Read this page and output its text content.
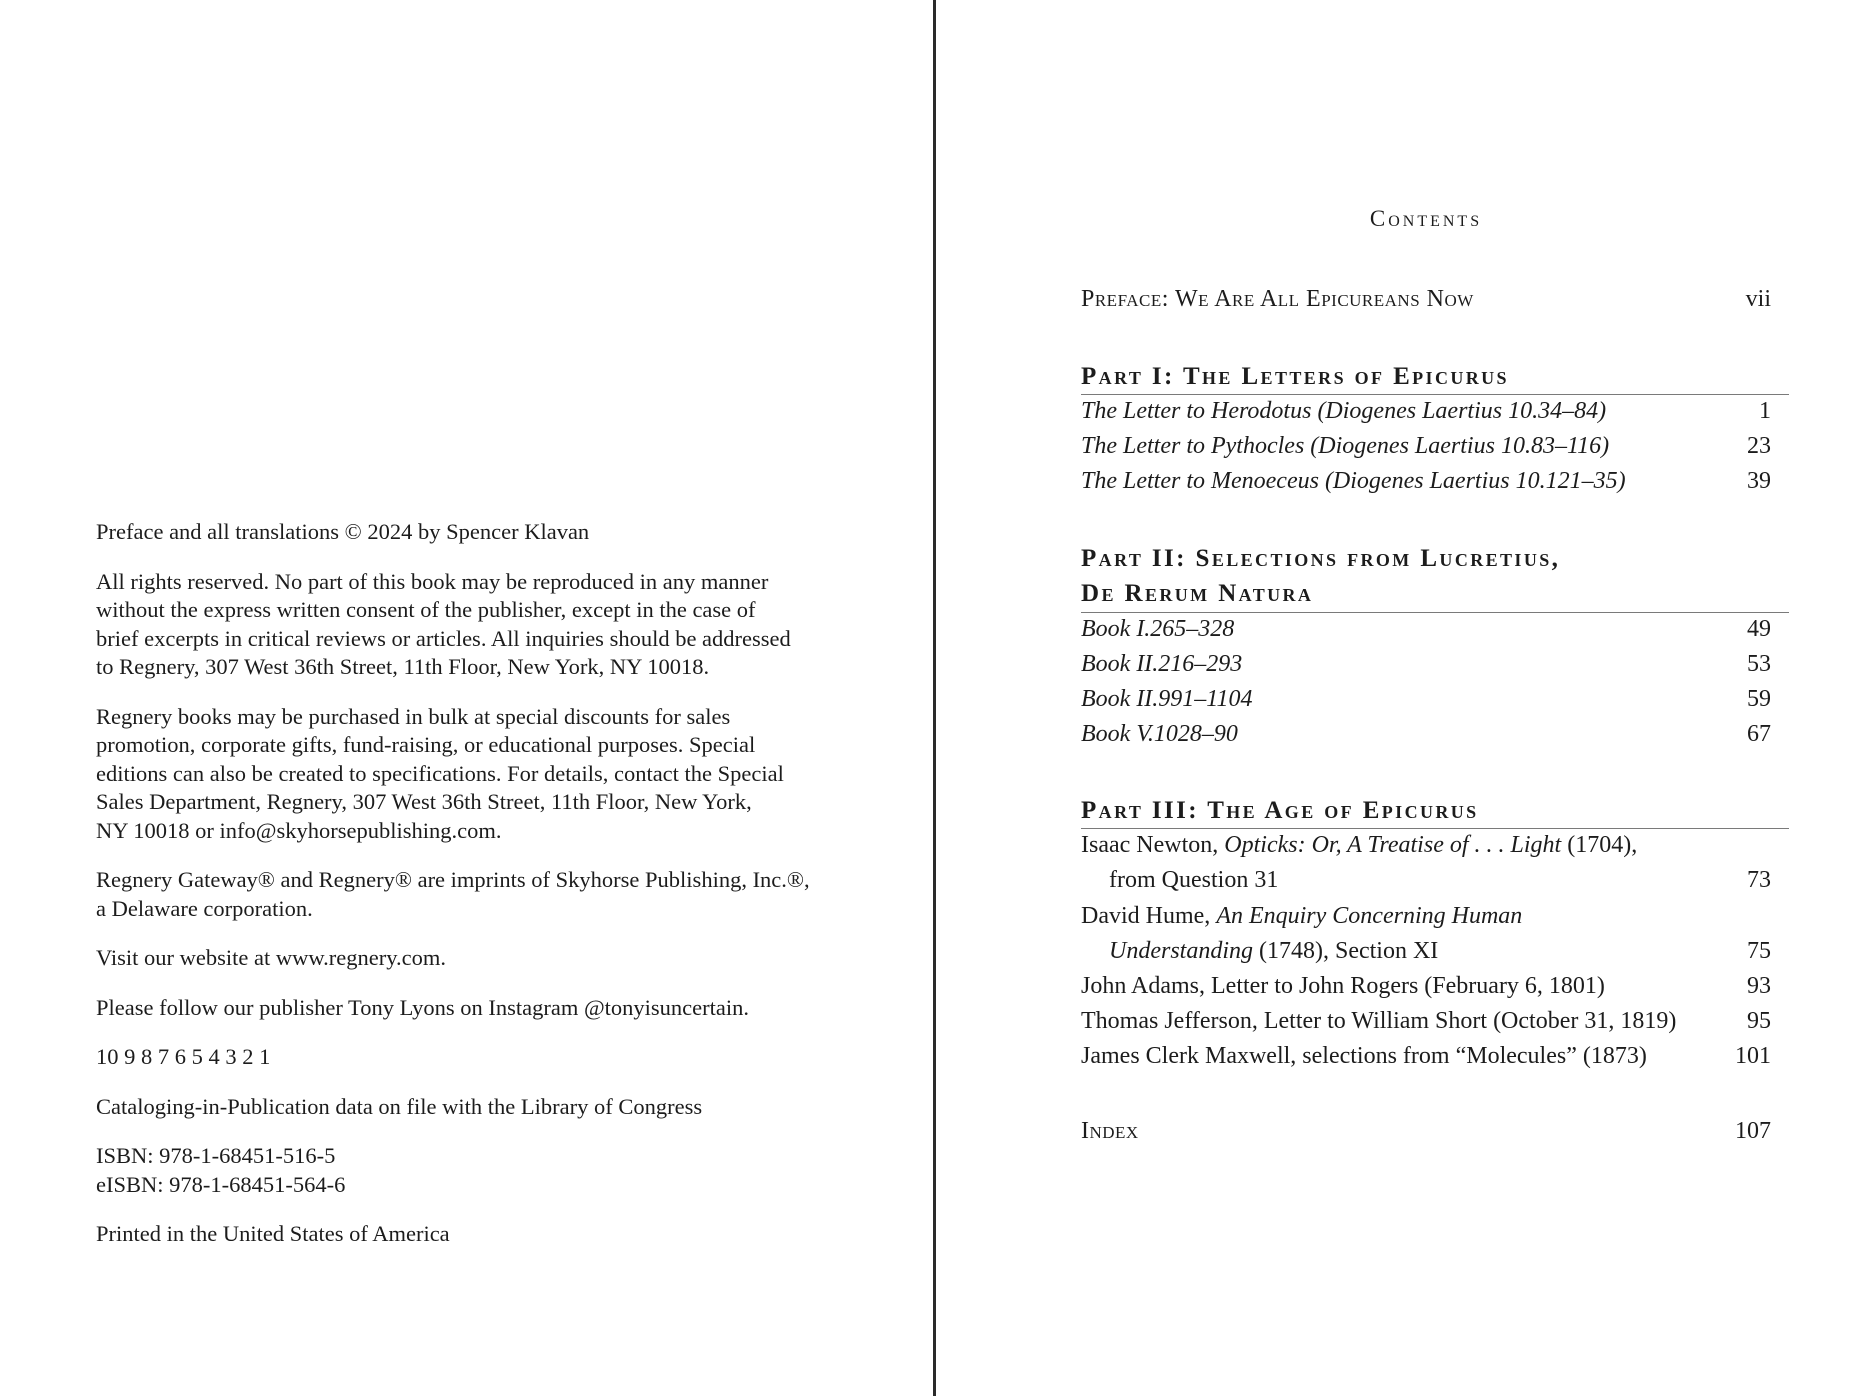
Preface and all translations © 2024 by Spencer Klavan

All rights reserved. No part of this book may be reproduced in any manner
without the express written consent of the publisher, except in the case of
brief excerpts in critical reviews or articles. All inquiries should be addressed
to Regnery, 307 West 36th Street, 11th Floor, New York, NY 10018.

Regnery books may be purchased in bulk at special discounts for sales
promotion, corporate gifts, fund-raising, or educational purposes. Special
editions can also be created to specifications. For details, contact the Special
Sales Department, Regnery, 307 West 36th Street, 11th Floor, New York,
NY 10018 or info@skyhorsepublishing.com.

Regnery Gateway® and Regnery® are imprints of Skyhorse Publishing, Inc.®,
a Delaware corporation.

Visit our website at www.regnery.com.

Please follow our publisher Tony Lyons on Instagram @tonyisuncertain.

10 9 8 7 6 5 4 3 2 1

Cataloging-in-Publication data on file with the Library of Congress

ISBN: 978-1-68451-516-5
eISBN: 978-1-68451-564-6

Printed in the United States of America

Contents
Preface: We Are All Epicureans Now	vii
Part I: The Letters of Epicurus
The Letter to Herodotus (Diogenes Laertius 10.34–84)	1
The Letter to Pythocles (Diogenes Laertius 10.83–116)	23
The Letter to Menoeceus (Diogenes Laertius 10.121–35)	39
Part II: Selections from Lucretius,
De Rerum Natura
Book I.265–328	49
Book II.216–293	53
Book II.991–1104	59
Book V.1028–90	67
Part III: The Age of Epicurus
Isaac Newton, Opticks: Or, A Treatise of . . . Light (1704),
from Question 31	73
David Hume, An Enquiry Concerning Human
Understanding (1748), Section XI	75
John Adams, Letter to John Rogers (February 6, 1801)	93
Thomas Jefferson, Letter to William Short (October 31, 1819)	95
James Clerk Maxwell, selections from “Molecules” (1873)	101
Index	107
